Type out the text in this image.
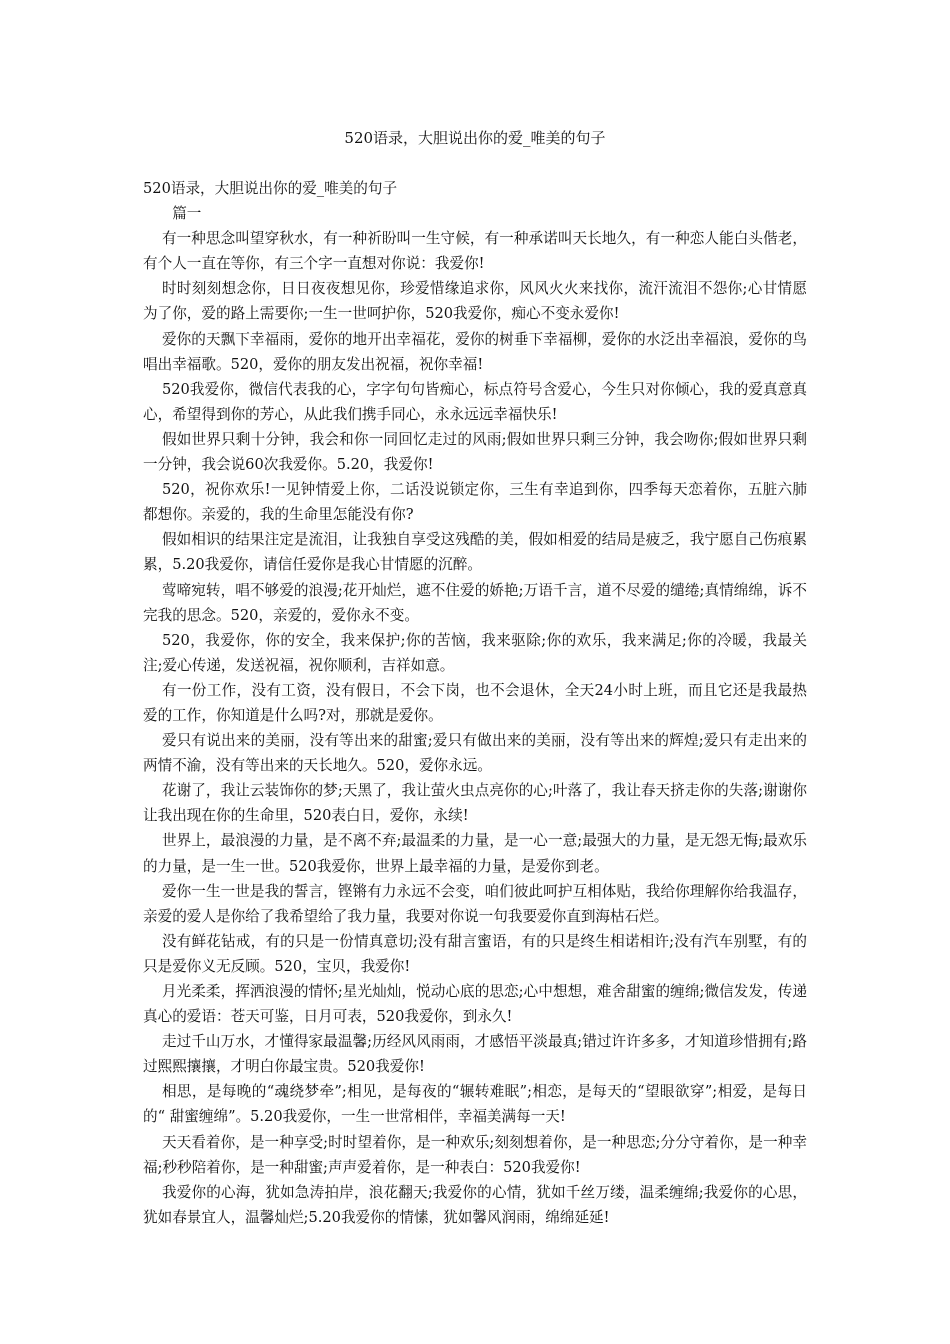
520语录，大胆说出你的爱_唯美的句子

520语录，大胆说出你的爱_唯美的句子

篇一

有一种思念叫望穿秋水，有一种祈盼叫一生守候，有一种承诺叫天长地久，有一种恋人能白头偕老，有个人一直在等你，有三个字一直想对你说：我爱你!

时时刻刻想念你，日日夜夜想见你，珍爱惜缘追求你，风风火火来找你，流汗流泪不怨你;心甘情愿为了你，爱的路上需要你;一生一世呵护你，520我爱你，痴心不变永爱你!

爱你的天飘下幸福雨，爱你的地开出幸福花，爱你的树垂下幸福柳，爱你的水泛出幸福浪，爱你的鸟唱出幸福歌。520，爱你的朋友发出祝福，祝你幸福!

520我爱你，微信代表我的心，字字句句皆痴心，标点符号含爱心，今生只对你倾心，我的爱真意真心，希望得到你的芳心，从此我们携手同心，永永远远幸福快乐!

假如世界只剩十分钟，我会和你一同回忆走过的风雨;假如世界只剩三分钟，我会吻你;假如世界只剩一分钟，我会说60次我爱你。5.20，我爱你!

520，祝你欢乐!一见钟情爱上你，二话没说锁定你，三生有幸追到你，四季每天恋着你，五脏六肺都想你。亲爱的，我的生命里怎能没有你?

假如相识的结果注定是流泪，让我独自享受这残酷的美，假如相爱的结局是疲乏，我宁愿自己伤痕累累，5.20我爱你，请信任爱你是我心甘情愿的沉醉。

莺啼宛转，唱不够爱的浪漫;花开灿烂，遮不住爱的娇艳;万语千言，道不尽爱的缱绻;真情绵绵，诉不完我的思念。520，亲爱的，爱你永不变。

520，我爱你，你的安全，我来保护;你的苦恼，我来驱除;你的欢乐，我来满足;你的冷暖，我最关注;爱心传递，发送祝福，祝你顺利，吉祥如意。

有一份工作，没有工资，没有假日，不会下岗，也不会退休，全天24小时上班，而且它还是我最热爱的工作，你知道是什么吗?对，那就是爱你。

爱只有说出来的美丽，没有等出来的甜蜜;爱只有做出来的美丽，没有等出来的辉煌;爱只有走出来的两情不渝，没有等出来的天长地久。520，爱你永远。

花谢了，我让云装饰你的梦;天黑了，我让萤火虫点亮你的心;叶落了，我让春天挤走你的失落;谢谢你让我出现在你的生命里，520表白日，爱你，永续!

世界上，最浪漫的力量，是不离不弃;最温柔的力量，是一心一意;最强大的力量，是无怨无悔;最欢乐的力量，是一生一世。520我爱你，世界上最幸福的力量，是爱你到老。

爱你一生一世是我的誓言，铿锵有力永远不会变，咱们彼此呵护互相体贴，我给你理解你给我温存，亲爱的爱人是你给了我希望给了我力量，我要对你说一句我要爱你直到海枯石烂。

没有鲜花钻戒，有的只是一份情真意切;没有甜言蜜语，有的只是终生相诺相许;没有汽车别墅，有的只是爱你义无反顾。520，宝贝，我爱你!

月光柔柔，挥洒浪漫的情怀;星光灿灿，悦动心底的思恋;心中想想，难舍甜蜜的缠绵;微信发发，传递真心的爱语：苍天可鉴，日月可表，520我爱你，到永久!

走过千山万水，才懂得家最温馨;历经风风雨雨，才感悟平淡最真;错过许许多多，才知道珍惜拥有;路过熙熙攘攘，才明白你最宝贵。520我爱你!

相思，是每晚的“魂绕梦牵”;相见，是每夜的“辗转难眠”;相恋，是每天的“望眼欲穿”;相爱，是每日的“ 甜蜜缠绵”。5.20我爱你，一生一世常相伴，幸福美满每一天!

天天看着你，是一种享受;时时望着你，是一种欢乐;刻刻想着你，是一种思恋;分分守着你，是一种幸福;秒秒陪着你，是一种甜蜜;声声爱着你，是一种表白：520我爱你!

我爱你的心海，犹如急涛拍岸，浪花翻天;我爱你的心情，犹如千丝万缕，温柔缠绵;我爱你的心思，犹如春景宜人，温馨灿烂;5.20我爱你的情愫，犹如馨风润雨，绵绵延延!
